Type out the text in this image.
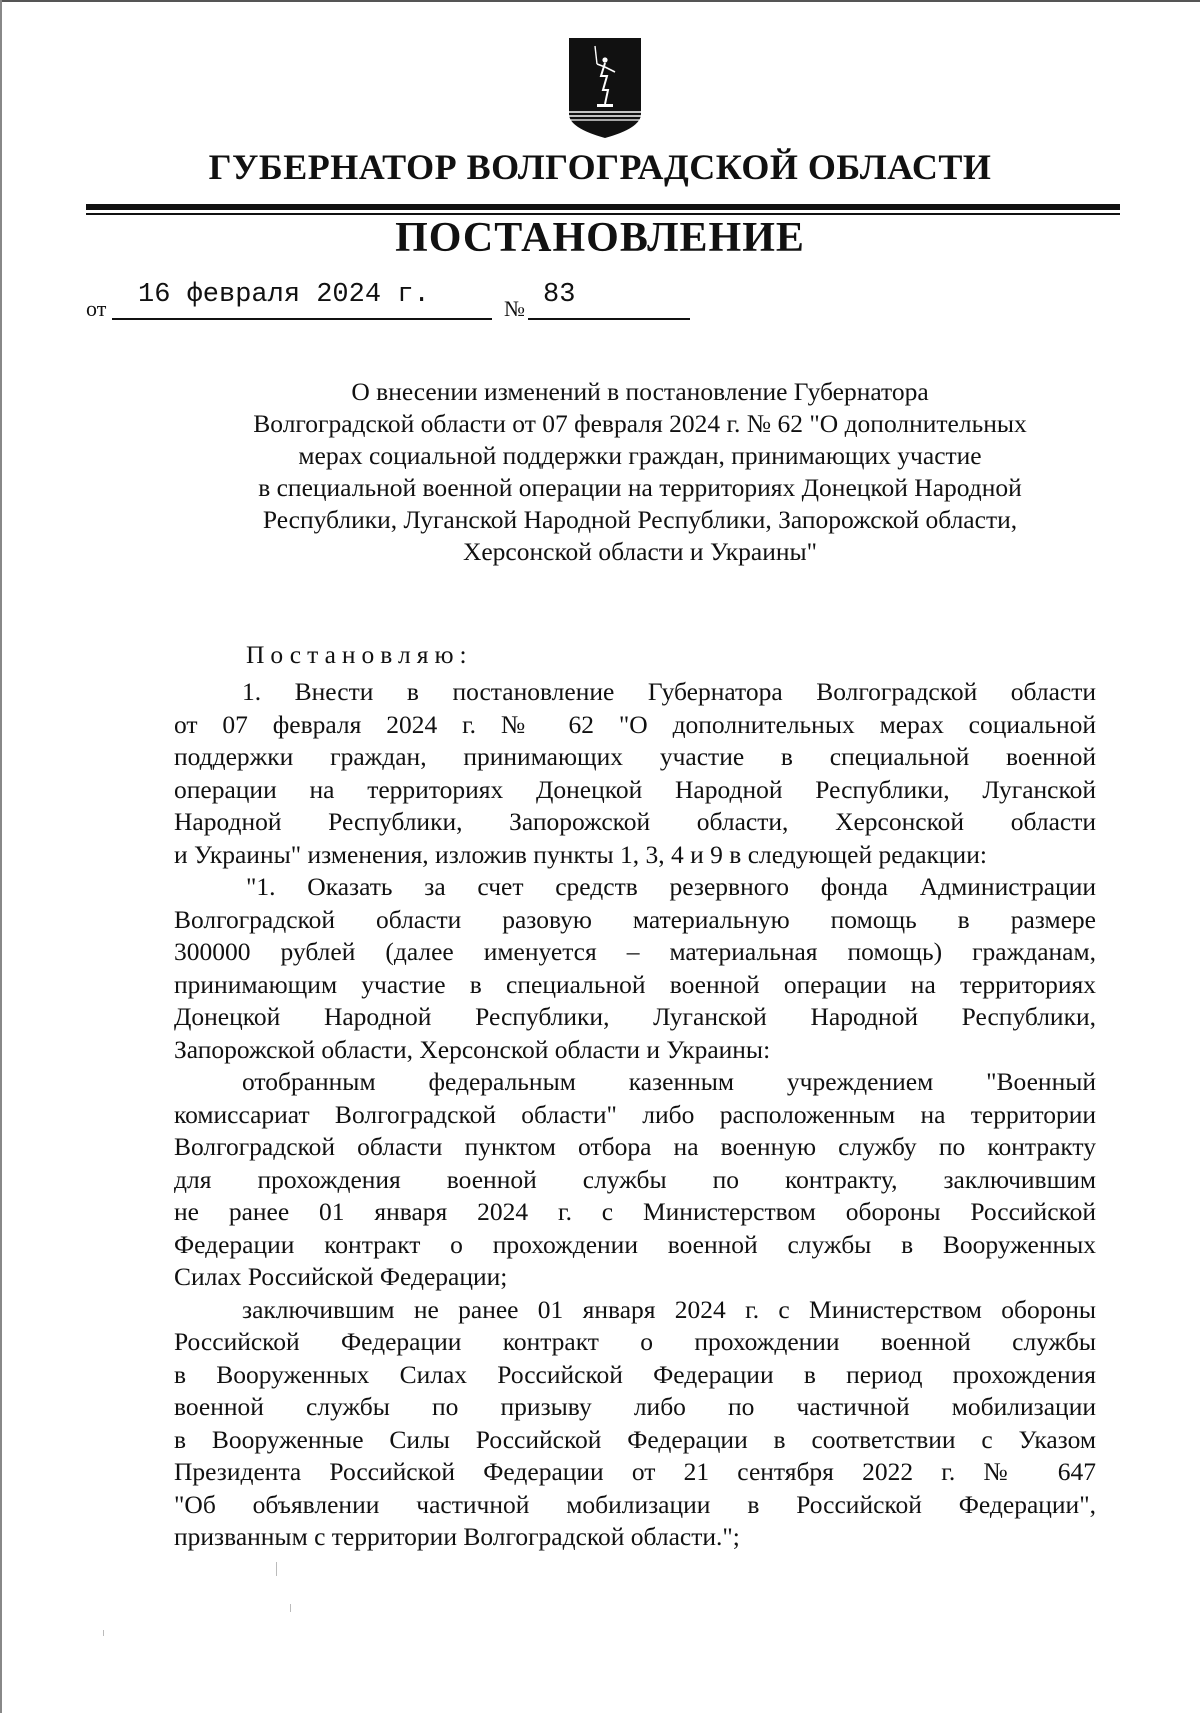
ГУБЕРНАТОР ВОЛГОГРАДСКОЙ ОБЛАСТИ
ПОСТАНОВЛЕНИЕ
от 16 февраля 2024 г.	№ 83
О внесении изменений в постановление Губернатора
Волгоградской области от 07 февраля 2024 г. № 62 "О дополнительных
мерах социальной поддержки граждан, принимающих участие
в специальной военной операции на территориях Донецкой Народной
Республики, Луганской Народной Республики, Запорожской области,
Херсонской области и Украины"
Постановляю:
1. Внести в постановление Губернатора Волгоградской области
от 07 февраля 2024 г. № 62 "О дополнительных мерах социальной
поддержки граждан, принимающих участие в специальной военной
операции на территориях Донецкой Народной Республики, Луганской
Народной Республики, Запорожской области, Херсонской области
и Украины" изменения, изложив пункты 1, 3, 4 и 9 в следующей редакции:
"1. Оказать за счет средств резервного фонда Администрации
Волгоградской области разовую материальную помощь в размере
300000 рублей (далее именуется – материальная помощь) гражданам,
принимающим участие в специальной военной операции на территориях
Донецкой Народной Республики, Луганской Народной Республики,
Запорожской области, Херсонской области и Украины:
отобранным федеральным казенным учреждением "Военный
комиссариат Волгоградской области" либо расположенным на территории
Волгоградской области пунктом отбора на военную службу по контракту
для прохождения военной службы по контракту, заключившим
не ранее 01 января 2024 г. с Министерством обороны Российской
Федерации контракт о прохождении военной службы в Вооруженных
Силах Российской Федерации;
заключившим не ранее 01 января 2024 г. с Министерством обороны
Российской Федерации контракт о прохождении военной службы
в Вооруженных Силах Российской Федерации в период прохождения
военной службы по призыву либо по частичной мобилизации
в Вооруженные Силы Российской Федерации в соответствии с Указом
Президента Российской Федерации от 21 сентября 2022 г. № 647
"Об объявлении частичной мобилизации в Российской Федерации",
призванным с территории Волгоградской области.";
